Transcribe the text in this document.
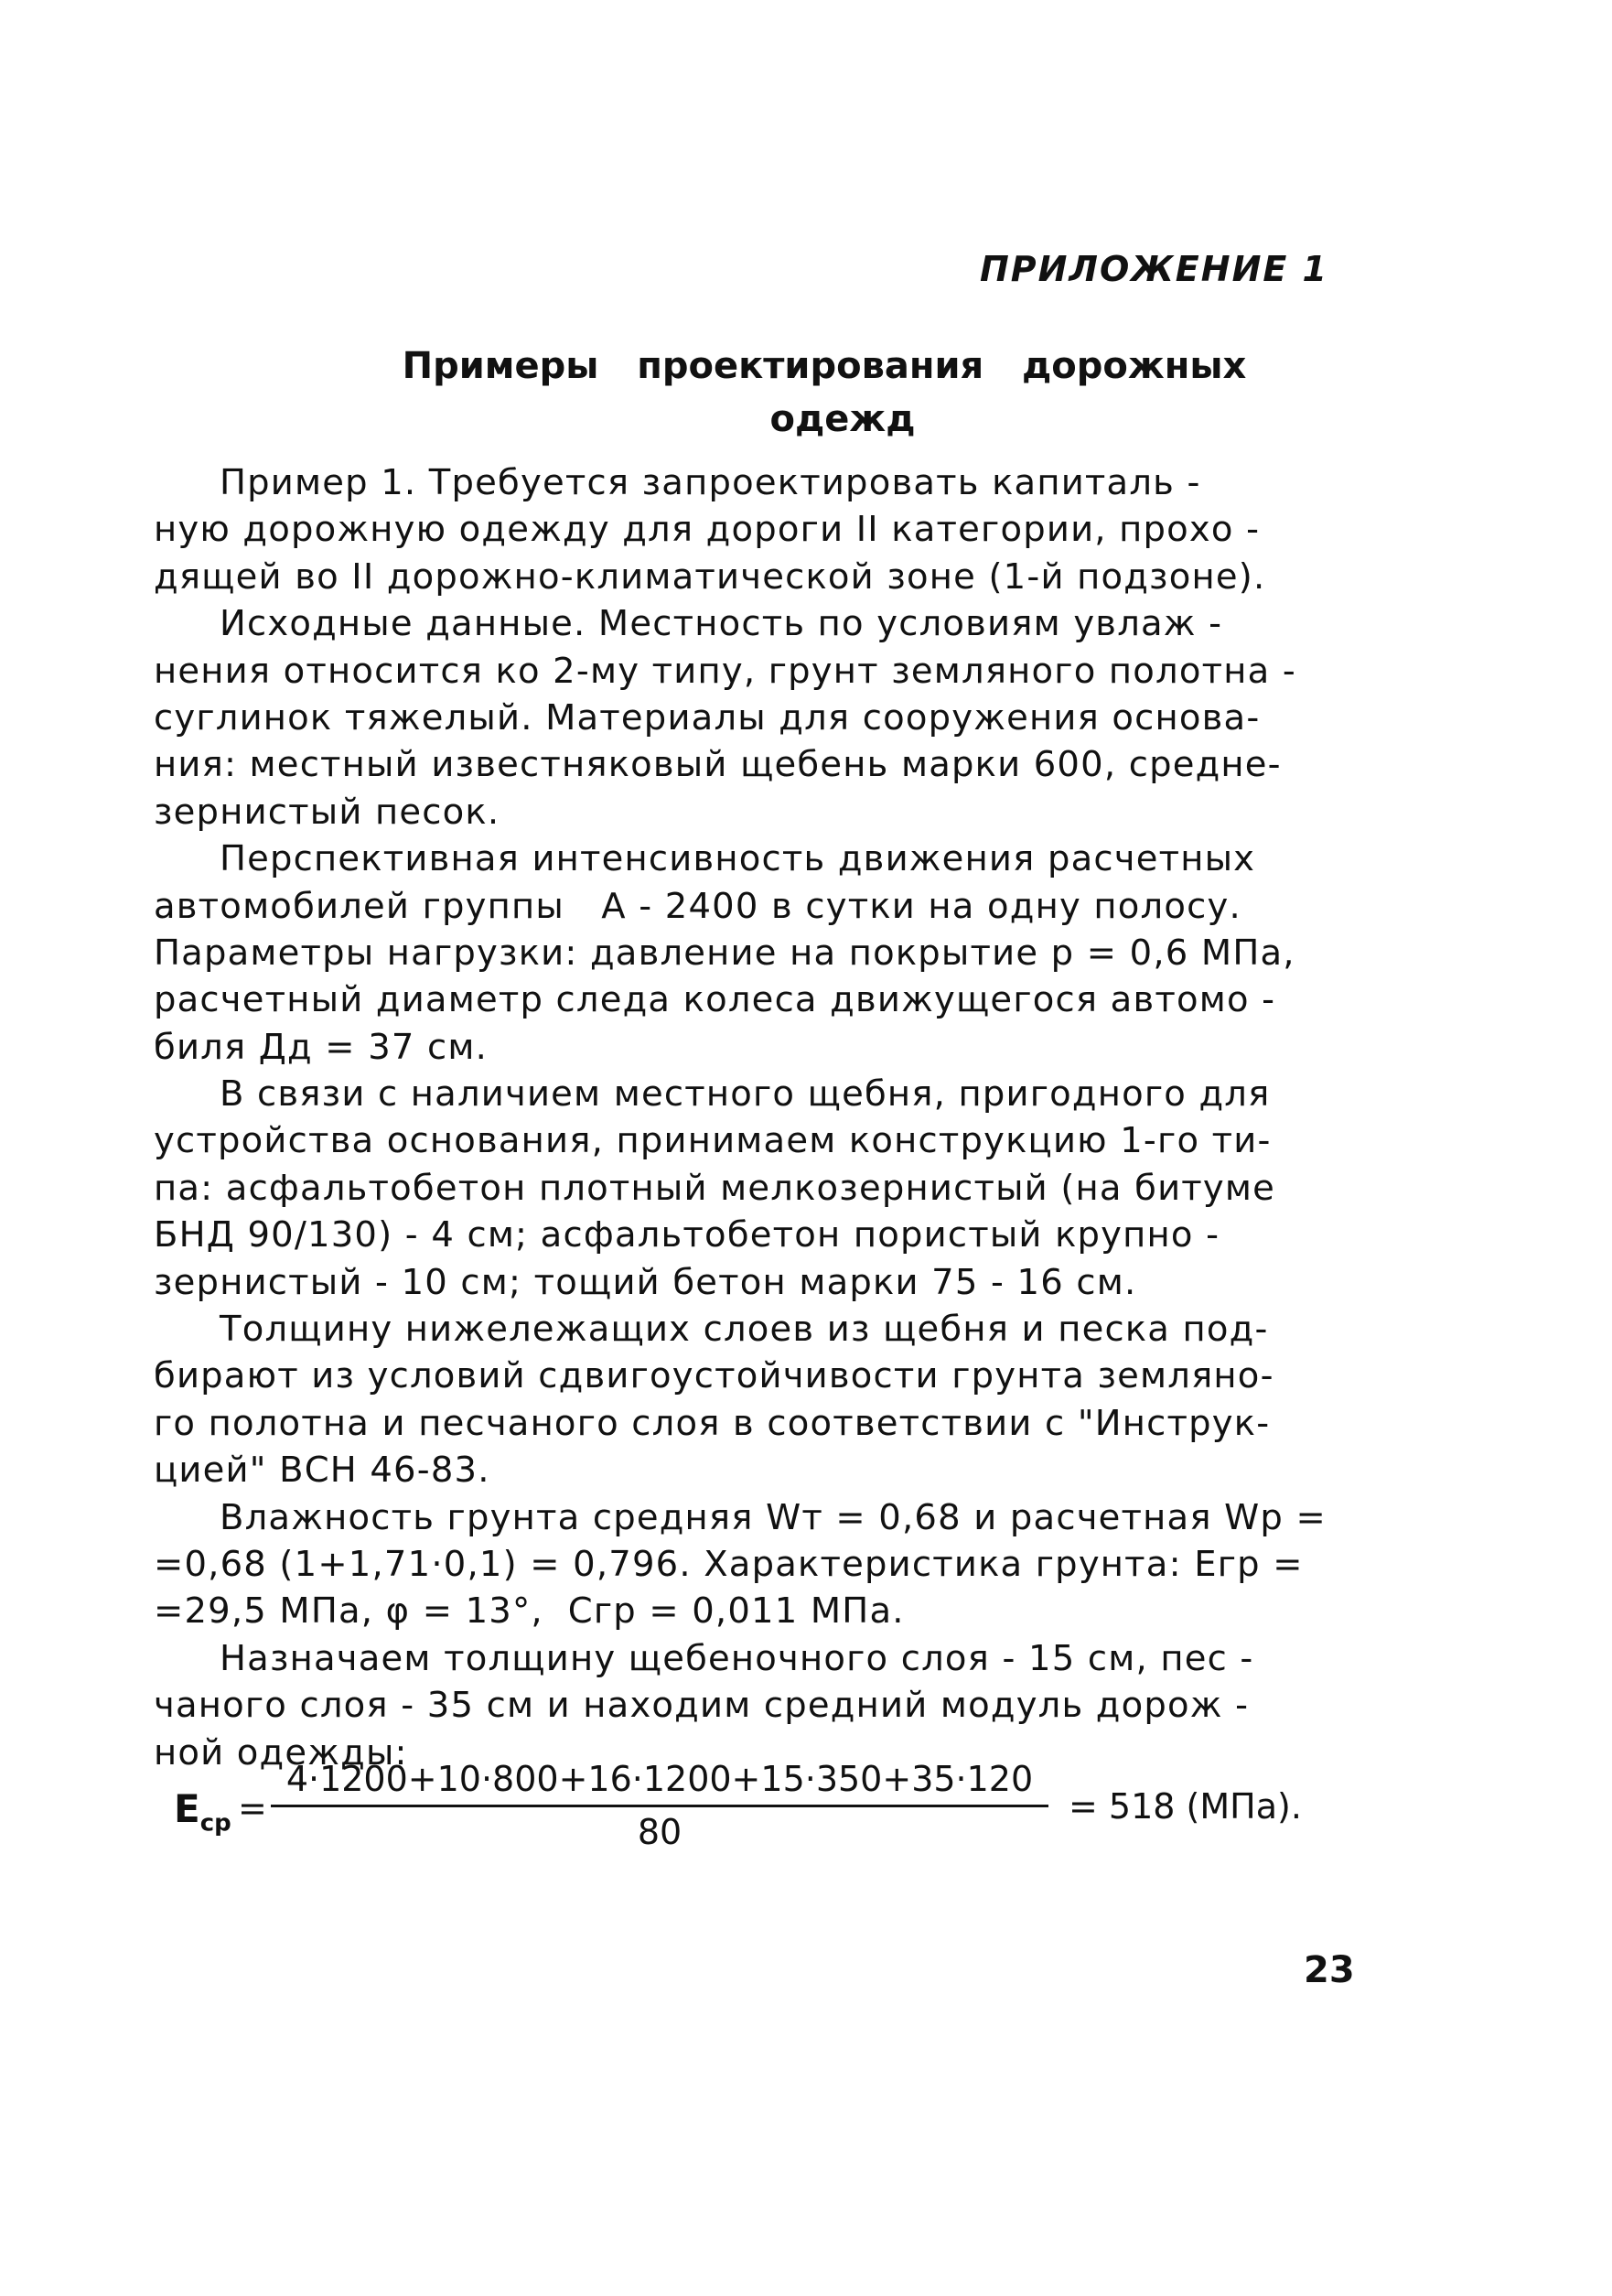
ПРИЛОЖЕНИЕ 1
Примеры   проектирования   дорожных
одежд
Пример 1. Требуется запроектировать капиталь -
ную дорожную одежду для дороги II категории, прохо -
дящей во II дорожно-климатической зоне (1-й подзоне).
Исходные данные. Местность по условиям увлаж -
нения относится ко 2-му типу, грунт земляного полотна -
суглинок тяжелый. Материалы для сооружения основа-
ния: местный известняковый щебень марки 600, средне-
зернистый песок.
Перспективная интенсивность движения расчетных
автомобилей группы   А - 2400 в сутки на одну полосу.
Параметры нагрузки: давление на покрытие р = 0,6 МПа,
расчетный диаметр следа колеса движущегося автомо -
биля Дд = 37 см.
В связи с наличием местного щебня, пригодного для
устройства основания, принимаем конструкцию 1-го ти-
па: асфальтобетон плотный мелкозернистый (на битуме
БНД 90/130) - 4 см; асфальтобетон пористый крупно -
зернистый - 10 см; тощий бетон марки 75 - 16 см.
Толщину нижележащих слоев из щебня и песка под-
бирают из условий сдвигоустойчивости грунта земляно-
го полотна и песчаного слоя в соответствии с "Инструк-
цией" ВСН 46-83.
Влажность грунта средняя Wт = 0,68 и расчетная Wр =
=0,68 (1+1,71·0,1) = 0,796. Характеристика грунта: Егр =
=29,5 МПа, φ = 13°,  Сгр = 0,011 МПа.
Назначаем толщину щебеночного слоя - 15 см, пес -
чаного слоя - 35 см и находим средний модуль дорож -
ной одежды:
$Е_{ср}$ =
4·1200+10·800+16·1200+15·350+35·120
80
= 518 (МПа).
23
